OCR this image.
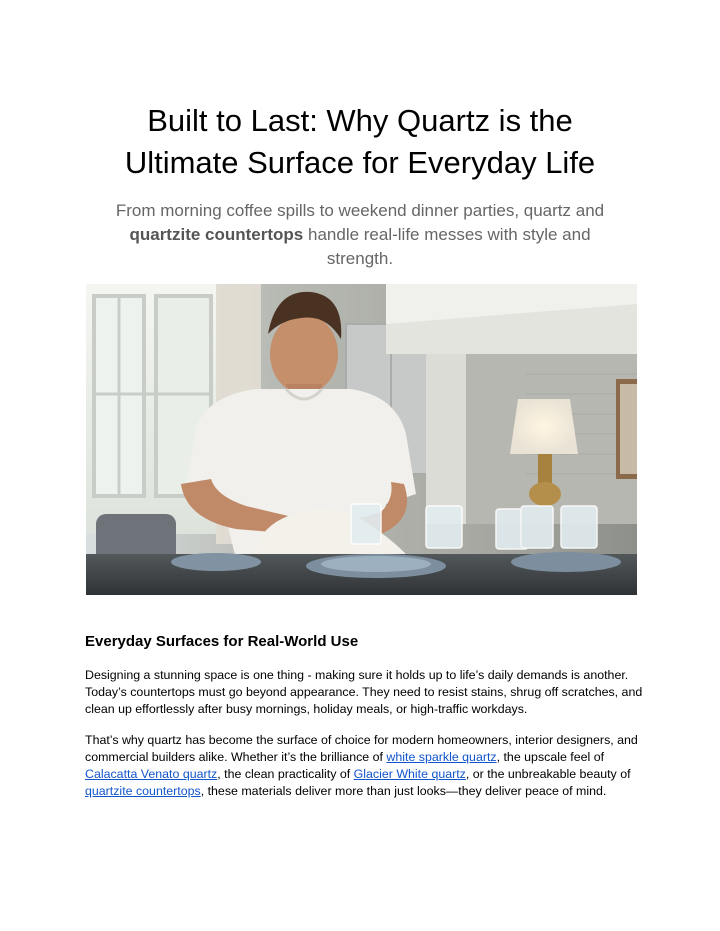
Built to Last: Why Quartz is the
Ultimate Surface for Everyday Life

From morning coffee spills to weekend dinner parties, quartz and quartzite countertops handle real-life messes with style and strength.

Everyday Surfaces for Real-World Use

Designing a stunning space is one thing - making sure it holds up to life’s daily demands is another. Today’s countertops must go beyond appearance. They need to resist stains, shrug off scratches, and clean up effortlessly after busy mornings, holiday meals, or high-traffic workdays.

That’s why quartz has become the surface of choice for modern homeowners, interior designers, and commercial builders alike. Whether it’s the brilliance of white sparkle quartz, the upscale feel of Calacatta Venato quartz, the clean practicality of Glacier White quartz, or the unbreakable beauty of quartzite countertops, these materials deliver more than just looks—they deliver peace of mind.
